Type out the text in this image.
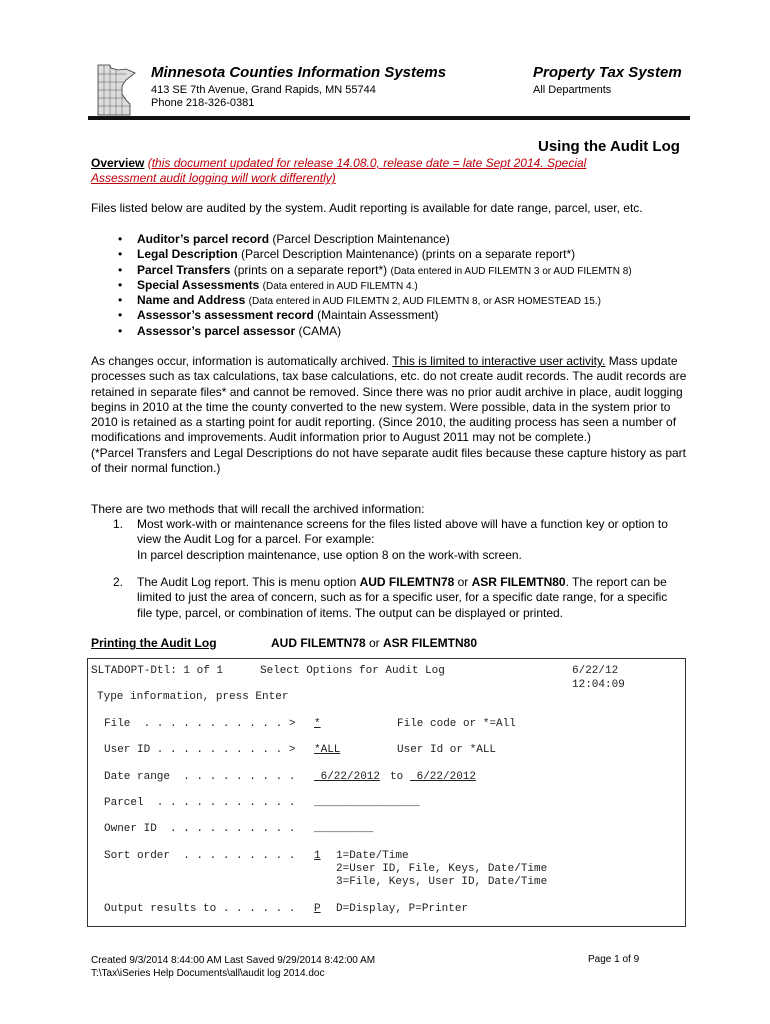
Minnesota Counties Information Systems
413 SE 7th Avenue, Grand Rapids, MN 55744
Phone 218-326-0381
Property Tax System
All Departments
Using the Audit Log
Overview (this document updated for release 14.08.0, release date = late Sept 2014. Special Assessment audit logging will work differently)
Files listed below are audited by the system. Audit reporting is available for date range, parcel, user, etc.
• Auditor’s parcel record (Parcel Description Maintenance)
• Legal Description (Parcel Description Maintenance) (prints on a separate report*)
• Parcel Transfers (prints on a separate report*) (Data entered in AUD FILEMTN 3 or AUD FILEMTN 8)
• Special Assessments (Data entered in AUD FILEMTN 4.)
• Name and Address (Data entered in AUD FILEMTN 2, AUD FILEMTN 8, or ASR HOMESTEAD 15.)
• Assessor’s assessment record (Maintain Assessment)
• Assessor’s parcel assessor (CAMA)
As changes occur, information is automatically archived. This is limited to interactive user activity. Mass update processes such as tax calculations, tax base calculations, etc. do not create audit records. The audit records are retained in separate files* and cannot be removed. Since there was no prior audit archive in place, audit logging begins in 2010 at the time the county converted to the new system. Were possible, data in the system prior to 2010 is retained as a starting point for audit reporting. (Since 2010, the auditing process has seen a number of modifications and improvements. Audit information prior to August 2011 may not be complete.)
(*Parcel Transfers and Legal Descriptions do not have separate audit files because these capture history as part of their normal function.)
There are two methods that will recall the archived information:
1. Most work-with or maintenance screens for the files listed above will have a function key or option to view the Audit Log for a parcel. For example:
In parcel description maintenance, use option 8 on the work-with screen.
2. The Audit Log report. This is menu option AUD FILEMTN78 or ASR FILEMTN80. The report can be limited to just the area of concern, such as for a specific user, for a specific date range, for a specific file type, parcel, or combination of items. The output can be displayed or printed.
Printing the Audit Log	AUD FILEMTN78 or ASR FILEMTN80
SLTADOPT-Dtl: 1 of 1	Select Options for Audit Log	6/22/12
12:04:09
Type information, press Enter
File  . . . . . . . . . . . > *	File code or *=All
User ID . . . . . . . . . . > *ALL	User Id or *ALL
Date range  . . . . . . . . . 6/22/2012 to 6/22/2012
Parcel  . . . . . . . . . . . ________________
Owner ID  . . . . . . . . . . _________
Sort order  . . . . . . . . . 1 1=Date/Time
2=User ID, File, Keys, Date/Time
3=File, Keys, User ID, Date/Time
Output results to . . . . . . P D=Display, P=Printer
Created 9/3/2014 8:44:00 AM Last Saved 9/29/2014 8:42:00 AM
T:\Tax\iSeries Help Documents\all\audit log 2014.doc
Page 1 of 9
